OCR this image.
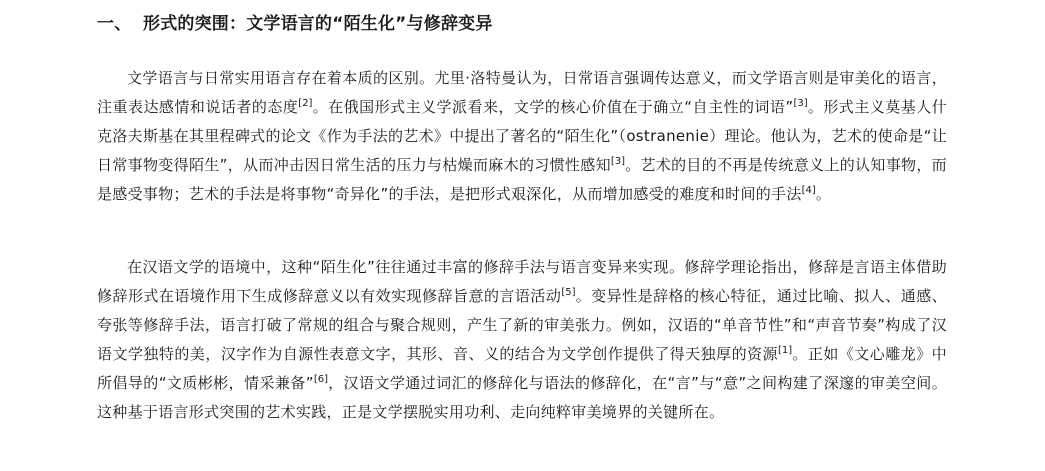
一、 形式的突围：文学语言的“陌生化”与修辞变异

文学语言与日常实用语言存在着本质的区别。尤里·洛特曼认为，日常语言强调传达意义，而文学语言则是审美化的语言，注重表达感情和说话者的态度[2]。在俄国形式主义学派看来，文学的核心价值在于确立“自主性的词语”[3]。形式主义莫基人什克洛夫斯基在其里程碑式的论文《作为手法的艺术》中提出了著名的“陌生化”（ostranenie）理论。他认为，艺术的使命是“让日常事物变得陌生”，从而冲击因日常生活的压力与枯燥而麻木的习惯性感知[3]。艺术的目的不再是传统意义上的认知事物，而是感受事物；艺术的手法是将事物“奇异化”的手法，是把形式艰深化，从而增加感受的难度和时间的手法[4]。

在汉语文学的语境中，这种“陌生化”往往通过丰富的修辞手法与语言变异来实现。修辞学理论指出，修辞是言语主体借助修辞形式在语境作用下生成修辞意义以有效实现修辞旨意的言语活动[5]。变异性是辞格的核心特征，通过比喻、拟人、通感、夸张等修辞手法，语言打破了常规的组合与聚合规则，产生了新的审美张力。例如，汉语的“单音节性”和“声音节奏”构成了汉语文学独特的美，汉字作为自源性表意文字，其形、音、义的结合为文学创作提供了得天独厚的资源[1]。正如《文心雕龙》中所倡导的“文质彬彬，情采兼备”[6]，汉语文学通过词汇的修辞化与语法的修辞化，在“言”与“意”之间构建了深邃的审美空间。这种基于语言形式突围的艺术实践，正是文学摆脱实用功利、走向纯粹审美境界的关键所在。
